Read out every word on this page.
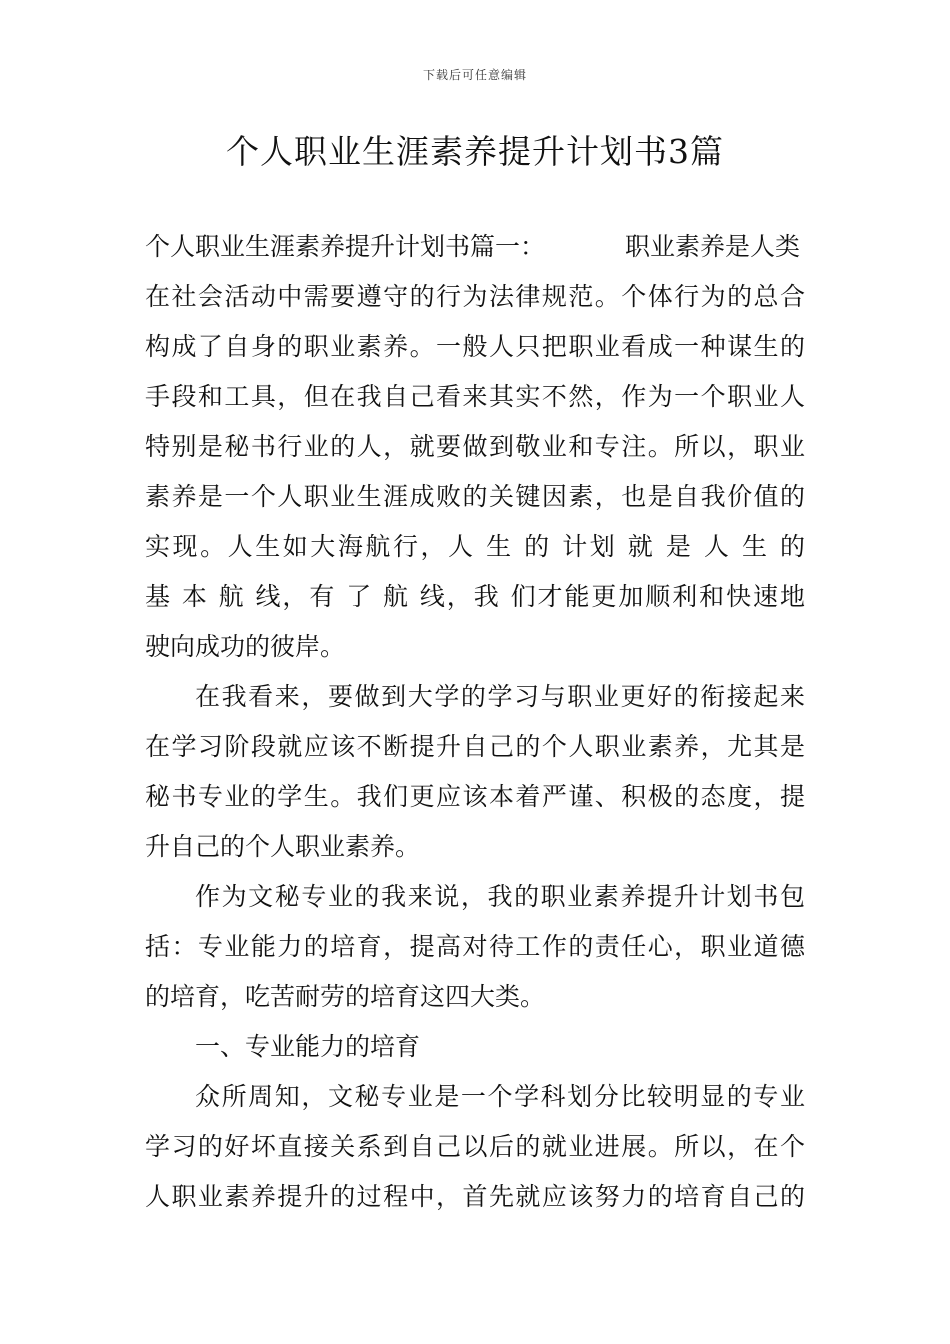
下载后可任意编辑
个人职业生涯素养提升计划书3篇
个人职业生涯素养提升计划书篇一：	职业素养是人类
在社会活动中需要遵守的行为法律规范。个体行为的总合
构成了自身的职业素养。一般人只把职业看成一种谋生的
手段和工具，但在我自己看来其实不然，作为一个职业人
特别是秘书行业的人，就要做到敬业和专注。所以，职业
素养是一个人职业生涯成败的关键因素，也是自我价值的
实现。人生如大海航行，人 生 的 计划 就 是 人 生 的
基 本 航 线，有 了 航 线，我 们才能更加顺利和快速地
驶向成功的彼岸。
在我看来，要做到大学的学习与职业更好的衔接起来
在学习阶段就应该不断提升自己的个人职业素养，尤其是
秘书专业的学生。我们更应该本着严谨、积极的态度，提
升自己的个人职业素养。
作为文秘专业的我来说，我的职业素养提升计划书包
括：专业能力的培育，提高对待工作的责任心，职业道德
的培育，吃苦耐劳的培育这四大类。
一、专业能力的培育
众所周知，文秘专业是一个学科划分比较明显的专业
学习的好坏直接关系到自己以后的就业进展。所以，在个
人职业素养提升的过程中，首先就应该努力的培育自己的
